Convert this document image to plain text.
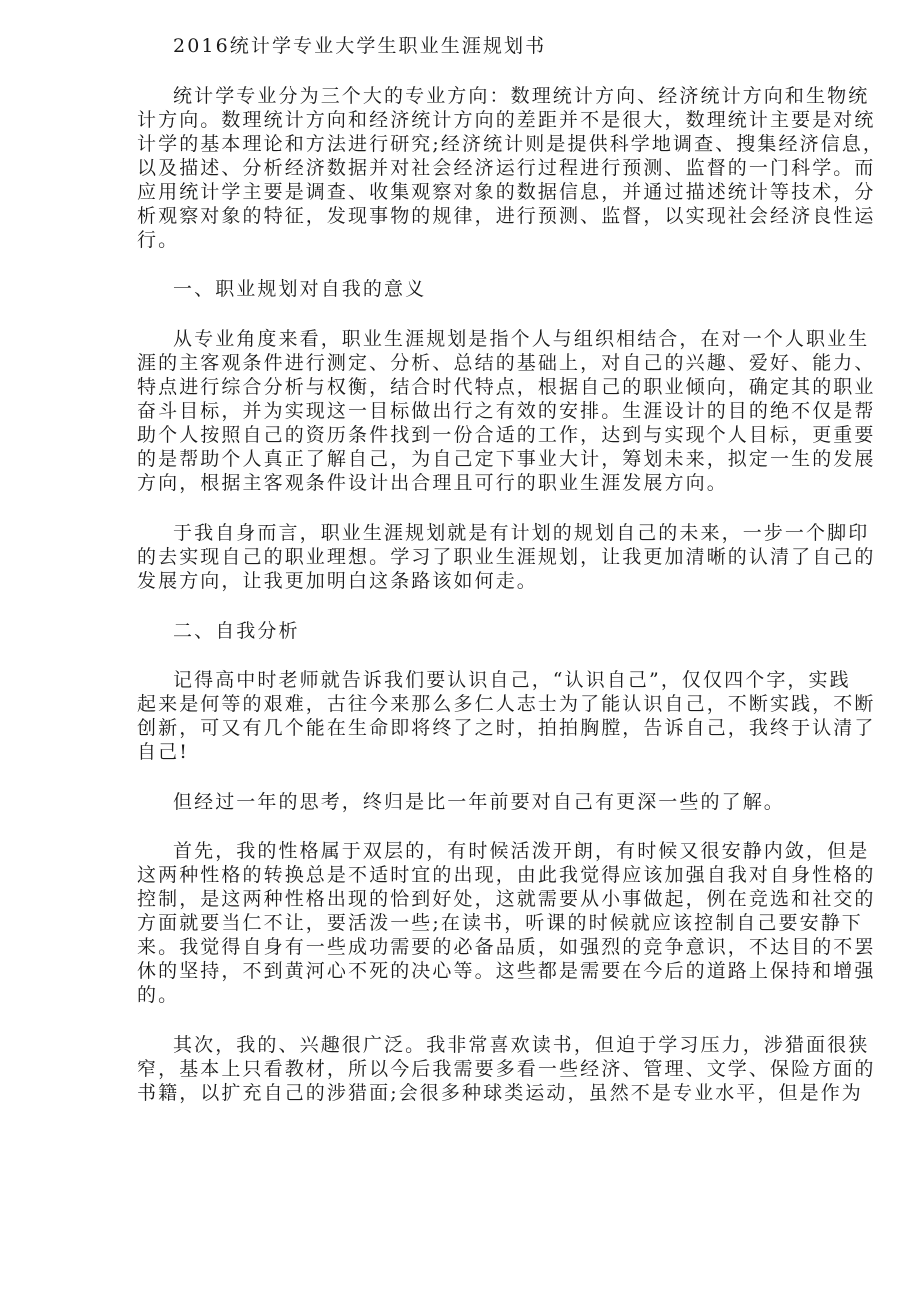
2016统计学专业大学生职业生涯规划书
统计学专业分为三个大的专业方向：数理统计方向、经济统计方向和生物统
计方向。数理统计方向和经济统计方向的差距并不是很大，数理统计主要是对统
计学的基本理论和方法进行研究;经济统计则是提供科学地调查、搜集经济信息，
以及描述、分析经济数据并对社会经济运行过程进行预测、监督的一门科学。而
应用统计学主要是调查、收集观察对象的数据信息，并通过描述统计等技术，分
析观察对象的特征，发现事物的规律，进行预测、监督，以实现社会经济良性运
行。
一、职业规划对自我的意义
从专业角度来看，职业生涯规划是指个人与组织相结合，在对一个人职业生
涯的主客观条件进行测定、分析、总结的基础上，对自己的兴趣、爱好、能力、
特点进行综合分析与权衡，结合时代特点，根据自己的职业倾向，确定其的职业
奋斗目标，并为实现这一目标做出行之有效的安排。生涯设计的目的绝不仅是帮
助个人按照自己的资历条件找到一份合适的工作，达到与实现个人目标，更重要
的是帮助个人真正了解自己，为自己定下事业大计，筹划未来，拟定一生的发展
方向，根据主客观条件设计出合理且可行的职业生涯发展方向。
于我自身而言，职业生涯规划就是有计划的规划自己的未来，一步一个脚印
的去实现自己的职业理想。学习了职业生涯规划，让我更加清晰的认清了自己的
发展方向，让我更加明白这条路该如何走。
二、自我分析
记得高中时老师就告诉我们要认识自己，“认识自己”，仅仅四个字，实践
起来是何等的艰难，古往今来那么多仁人志士为了能认识自己，不断实践，不断
创新，可又有几个能在生命即将终了之时，拍拍胸膛，告诉自己，我终于认清了
自己!
但经过一年的思考，终归是比一年前要对自己有更深一些的了解。
首先，我的性格属于双层的，有时候活泼开朗，有时候又很安静内敛，但是
这两种性格的转换总是不适时宜的出现，由此我觉得应该加强自我对自身性格的
控制，是这两种性格出现的恰到好处，这就需要从小事做起，例在竞选和社交的
方面就要当仁不让，要活泼一些;在读书，听课的时候就应该控制自己要安静下
来。我觉得自身有一些成功需要的必备品质，如强烈的竞争意识，不达目的不罢
休的坚持，不到黄河心不死的决心等。这些都是需要在今后的道路上保持和增强
的。
其次，我的、兴趣很广泛。我非常喜欢读书，但迫于学习压力，涉猎面很狭
窄，基本上只看教材，所以今后我需要多看一些经济、管理、文学、保险方面的
书籍，以扩充自己的涉猎面;会很多种球类运动，虽然不是专业水平，但是作为
